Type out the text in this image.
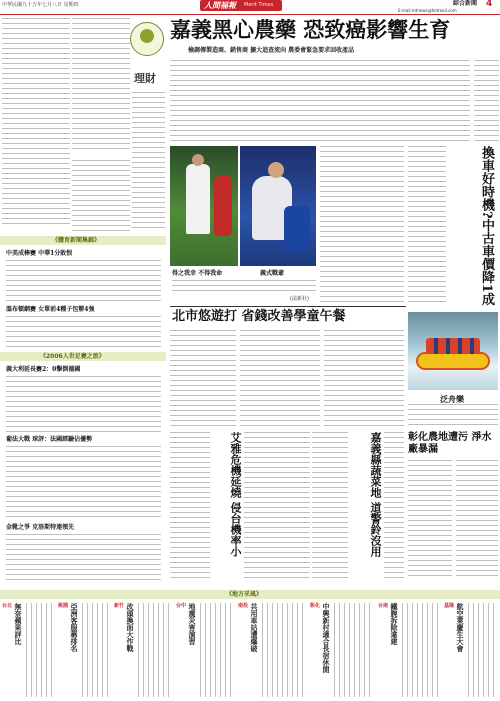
中華民國九十五年七月八日 星期四	人間福報 Merit Times	綜合新聞 4
E-mail:mtnews@hotmail.com
理財
《體育新聞集錦》
中美成棒賽 中華1分敗恨
溫布頓網賽 女單前4種子包辦4強
《2006人世足賽之旅》
義大利延長賽2：0擊倒德國
葡法大戰 球評：法國經驗佔優勢
金靴之爭 克洛斯特連領先
嘉義黑心農藥 恐致癌影響生育
檢調傳製造商、銷售商 擴大追查流向 農委會緊急要求回收產品
換車好時機?中古車價降1成
得之我幸 不得我命	義式戰爺
(法新社)
北市悠遊打 省錢改善學童午餐
泛舟樂
艾雅危機延燒 侵台機率小	嘉義縣蔬菜地 道警鈴沒用	彰化農地遭污 淨水廠暴漏
《地方采風》
台北 無奈蘋果評比	桃園 亞洲客服稱排名	新竹 改頭換面大作戰	台中 地震災害演習	南投 共用車站遭爆破	彰化 中興新村適合長宿休閒	台南 鐵腕拆除違建	基隆 航空業慶生大會
